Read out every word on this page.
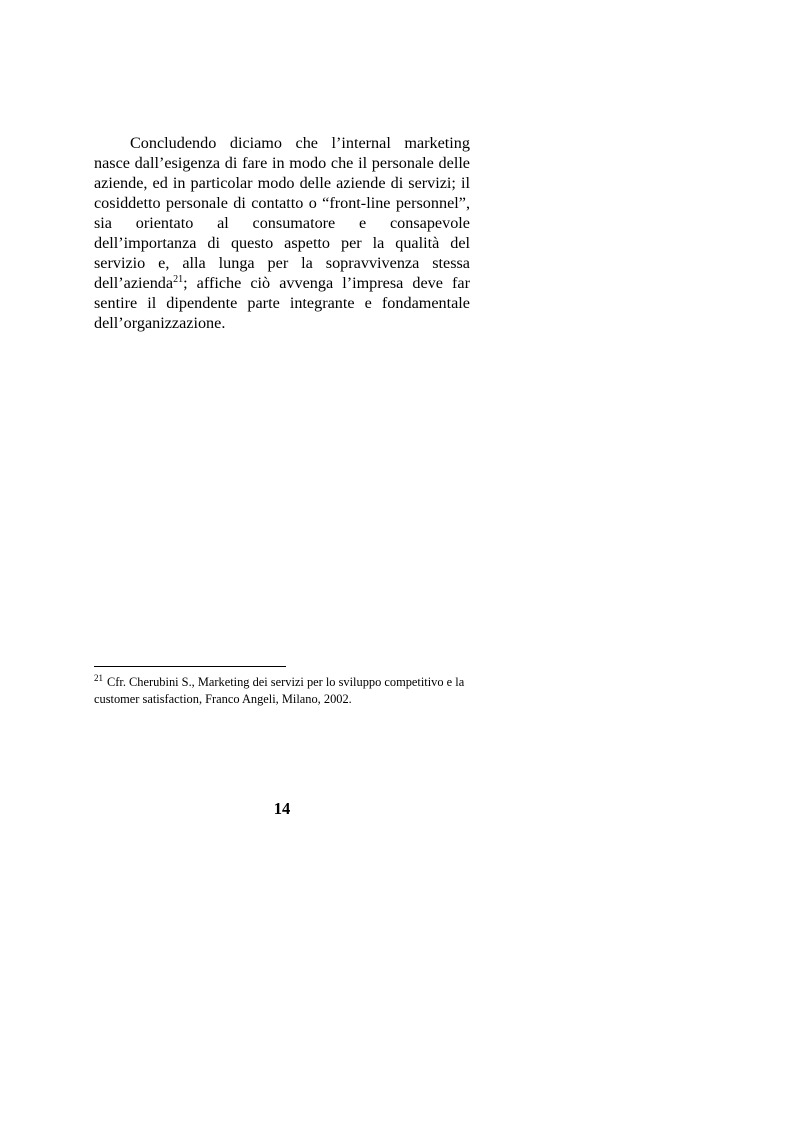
Concludendo diciamo che l’internal marketing nasce dall’esigenza di fare in modo che il personale delle aziende, ed in particolar modo delle aziende di servizi; il cosiddetto personale di contatto o “front-line personnel”, sia orientato al consumatore e consapevole dell’importanza di questo aspetto per la qualità del servizio e, alla lunga per la sopravvivenza stessa dell’azienda$^{21}$; affiche ciò avvenga l’impresa deve far sentire il dipendente parte integrante e fondamentale dell’organizzazione.

$^{21}$ Cfr. Cherubini S., Marketing dei servizi per lo sviluppo competitivo e la customer satisfaction, Franco Angeli, Milano, 2002.

14
